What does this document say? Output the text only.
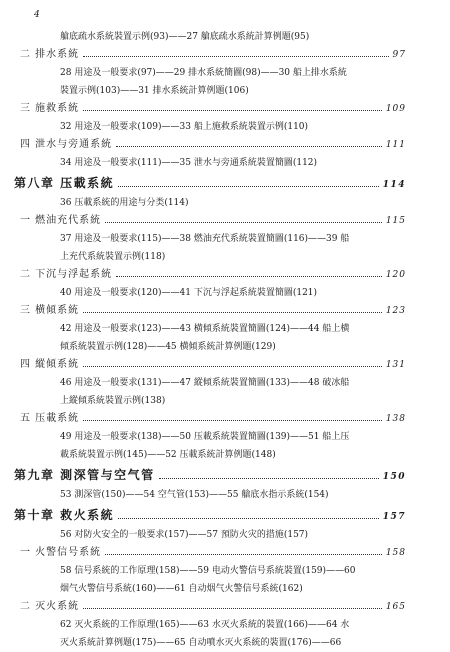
4
艙底疏水系統裝置示例(93)——27 艙底疏水系統計算例題(95)
二 排水系統	97
28 用途及一般要求(97)——29 排水系統簡圖(98)——30 船上排水系統
裝置示例(103)——31 排水系統計算例題(106)
三 施救系統	109
32 用途及一般要求(109)——33 船上施救系統裝置示例(110)
四 泄水与旁通系統	111
34 用途及一般要求(111)——35 泄水与旁通系統裝置簡圖(112)
第八章 压載系統	114
36 压載系統的用途与分类(114)
一 燃油充代系統	115
37 用途及一般要求(115)——38 燃油充代系統裝置簡圖(116)——39 船
上充代系統裝置示例(118)
二 下沉与浮起系統	120
40 用途及一般要求(120)——41 下沉与浮起系統裝置簡圖(121)
三 横傾系統	123
42 用途及一般要求(123)——43 横傾系統裝置簡圖(124)——44 船上横
傾系統裝置示例(128)——45 横傾系統計算例題(129)
四 縱傾系統	131
46 用途及一般要求(131)——47 縱傾系統裝置簡圖(133)——48 破冰船
上縱傾系統裝置示例(138)
五 压載系統	138
49 用途及一般要求(138)——50 压載系統裝置簡圖(139)——51 船上压
載系統裝置示例(145)——52 压載系統計算例題(148)
第九章 測深管与空气管	150
53 測深管(150)——54 空气管(153)——55 艙底水指示系統(154)
第十章 救火系統	157
56 对防火安全的一般要求(157)——57 預防火灾的措施(157)
一 火警信号系統	158
58 信号系統的工作原理(158)——59 电动火警信号系統裝置(159)——60
烟气火警信号系統(160)——61 自动烟气火警信号系統(162)
二 灭火系統	165
62 灭火系統的工作原理(165)——63 水灭火系統的裝置(166)——64 水
灭火系統計算例題(175)——65 自动噴水灭火系統的裝置(176)——66
